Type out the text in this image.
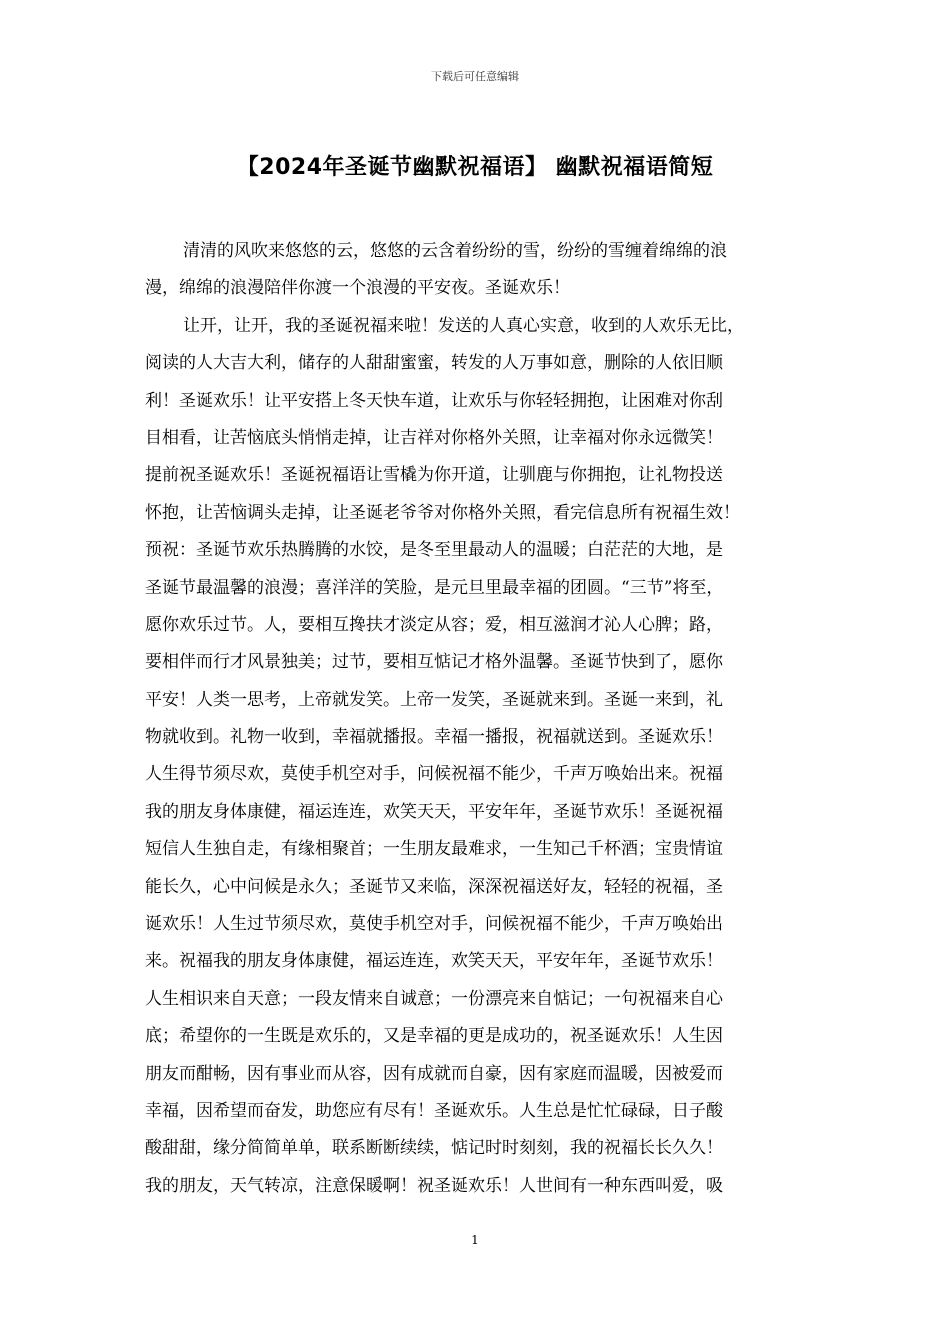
下载后可任意编辑
【2024年圣诞节幽默祝福语】 幽默祝福语简短
清清的风吹来悠悠的云，悠悠的云含着纷纷的雪，纷纷的雪缠着绵绵的浪
漫，绵绵的浪漫陪伴你渡一个浪漫的平安夜。圣诞欢乐！
让开，让开，我的圣诞祝福来啦！发送的人真心实意，收到的人欢乐无比，
阅读的人大吉大利，储存的人甜甜蜜蜜，转发的人万事如意，删除的人依旧顺
利！圣诞欢乐！让平安搭上冬天快车道，让欢乐与你轻轻拥抱，让困难对你刮
目相看，让苦恼底头悄悄走掉，让吉祥对你格外关照，让幸福对你永远微笑！
提前祝圣诞欢乐！圣诞祝福语让雪橇为你开道，让驯鹿与你拥抱，让礼物投送
怀抱，让苦恼调头走掉，让圣诞老爷爷对你格外关照，看完信息所有祝福生效！
预祝：圣诞节欢乐热腾腾的水饺，是冬至里最动人的温暖；白茫茫的大地，是
圣诞节最温馨的浪漫；喜洋洋的笑脸，是元旦里最幸福的团圆。“三节”将至，
愿你欢乐过节。人，要相互搀扶才淡定从容；爱，相互滋润才沁人心脾；路，
要相伴而行才风景独美；过节，要相互惦记才格外温馨。圣诞节快到了，愿你
平安！人类一思考，上帝就发笑。上帝一发笑，圣诞就来到。圣诞一来到，礼
物就收到。礼物一收到，幸福就播报。幸福一播报，祝福就送到。圣诞欢乐！
人生得节须尽欢，莫使手机空对手，问候祝福不能少，千声万唤始出来。祝福
我的朋友身体康健，福运连连，欢笑天天，平安年年，圣诞节欢乐！圣诞祝福
短信人生独自走，有缘相聚首；一生朋友最难求，一生知己千杯酒；宝贵情谊
能长久，心中问候是永久；圣诞节又来临，深深祝福送好友，轻轻的祝福，圣
诞欢乐！人生过节须尽欢，莫使手机空对手，问候祝福不能少，千声万唤始出
来。祝福我的朋友身体康健，福运连连，欢笑天天，平安年年，圣诞节欢乐！
人生相识来自天意；一段友情来自诚意；一份漂亮来自惦记；一句祝福来自心
底；希望你的一生既是欢乐的，又是幸福的更是成功的，祝圣诞欢乐！人生因
朋友而酣畅，因有事业而从容，因有成就而自豪，因有家庭而温暖，因被爱而
幸福，因希望而奋发，助您应有尽有！圣诞欢乐。人生总是忙忙碌碌，日子酸
酸甜甜，缘分简简单单，联系断断续续，惦记时时刻刻，我的祝福长长久久！
我的朋友，天气转凉，注意保暖啊！祝圣诞欢乐！人世间有一种东西叫爱，吸
1
